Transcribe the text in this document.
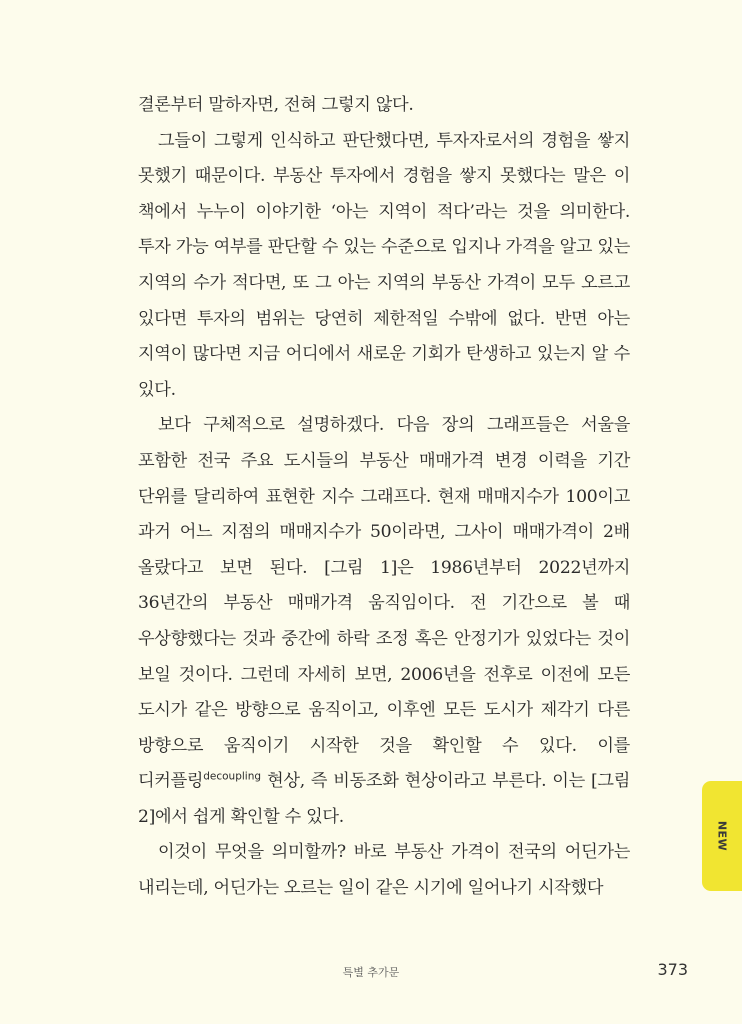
결론부터 말하자면, 전혀 그렇지 않다.

그들이 그렇게 인식하고 판단했다면, 투자자로서의 경험을 쌓지 못했기 때문이다. 부동산 투자에서 경험을 쌓지 못했다는 말은 이 책에서 누누이 이야기한 ‘아는 지역이 적다’라는 것을 의미한다. 투자 가능 여부를 판단할 수 있는 수준으로 입지나 가격을 알고 있는 지역의 수가 적다면, 또 그 아는 지역의 부동산 가격이 모두 오르고 있다면 투자의 범위는 당연히 제한적일 수밖에 없다. 반면 아는 지역이 많다면 지금 어디에서 새로운 기회가 탄생하고 있는지 알 수 있다.

보다 구체적으로 설명하겠다. 다음 장의 그래프들은 서울을 포함한 전국 주요 도시들의 부동산 매매가격 변경 이력을 기간 단위를 달리하여 표현한 지수 그래프다. 현재 매매지수가 100이고 과거 어느 지점의 매매지수가 50이라면, 그사이 매매가격이 2배 올랐다고 보면 된다. [그림 1]은 1986년부터 2022년까지 36년간의 부동산 매매가격 움직임이다. 전 기간으로 볼 때 우상향했다는 것과 중간에 하락 조정 혹은 안정기가 있었다는 것이 보일 것이다. 그런데 자세히 보면, 2006년을 전후로 이전에 모든 도시가 같은 방향으로 움직이고, 이후엔 모든 도시가 제각기 다른 방향으로 움직이기 시작한 것을 확인할 수 있다. 이를 디커플링$^{decoupling}$ 현상, 즉 비동조화 현상이라고 부른다. 이는 [그림 2]에서 쉽게 확인할 수 있다.

이것이 무엇을 의미할까? 바로 부동산 가격이 전국의 어딘가는 내리는데, 어딘가는 오르는 일이 같은 시기에 일어나기 시작했다

NEW
특별 추가문	373
